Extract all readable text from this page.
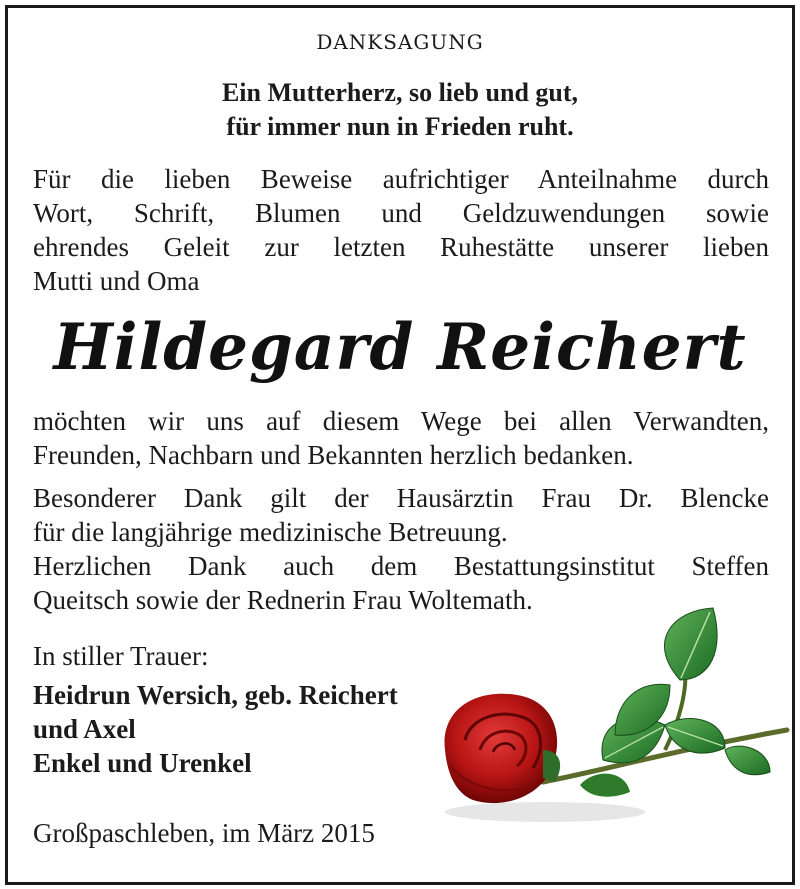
DANKSAGUNG
Ein Mutterherz, so lieb und gut,
für immer nun in Frieden ruht.
Für die lieben Beweise aufrichtiger Anteilnahme durch
Wort, Schrift, Blumen und Geldzuwendungen sowie
ehrendes Geleit zur letzten Ruhestätte unserer lieben
Mutti und Oma
Hildegard Reichert
möchten wir uns auf diesem Wege bei allen Verwandten,
Freunden, Nachbarn und Bekannten herzlich bedanken.
Besonderer Dank gilt der Hausärztin Frau Dr. Blencke
für die langjährige medizinische Betreuung.
Herzlichen Dank auch dem Bestattungsinstitut Steffen
Queitsch sowie der Rednerin Frau Woltemath.
In stiller Trauer:
Heidrun Wersich, geb. Reichert
und Axel
Enkel und Urenkel
Großpaschleben, im März 2015
